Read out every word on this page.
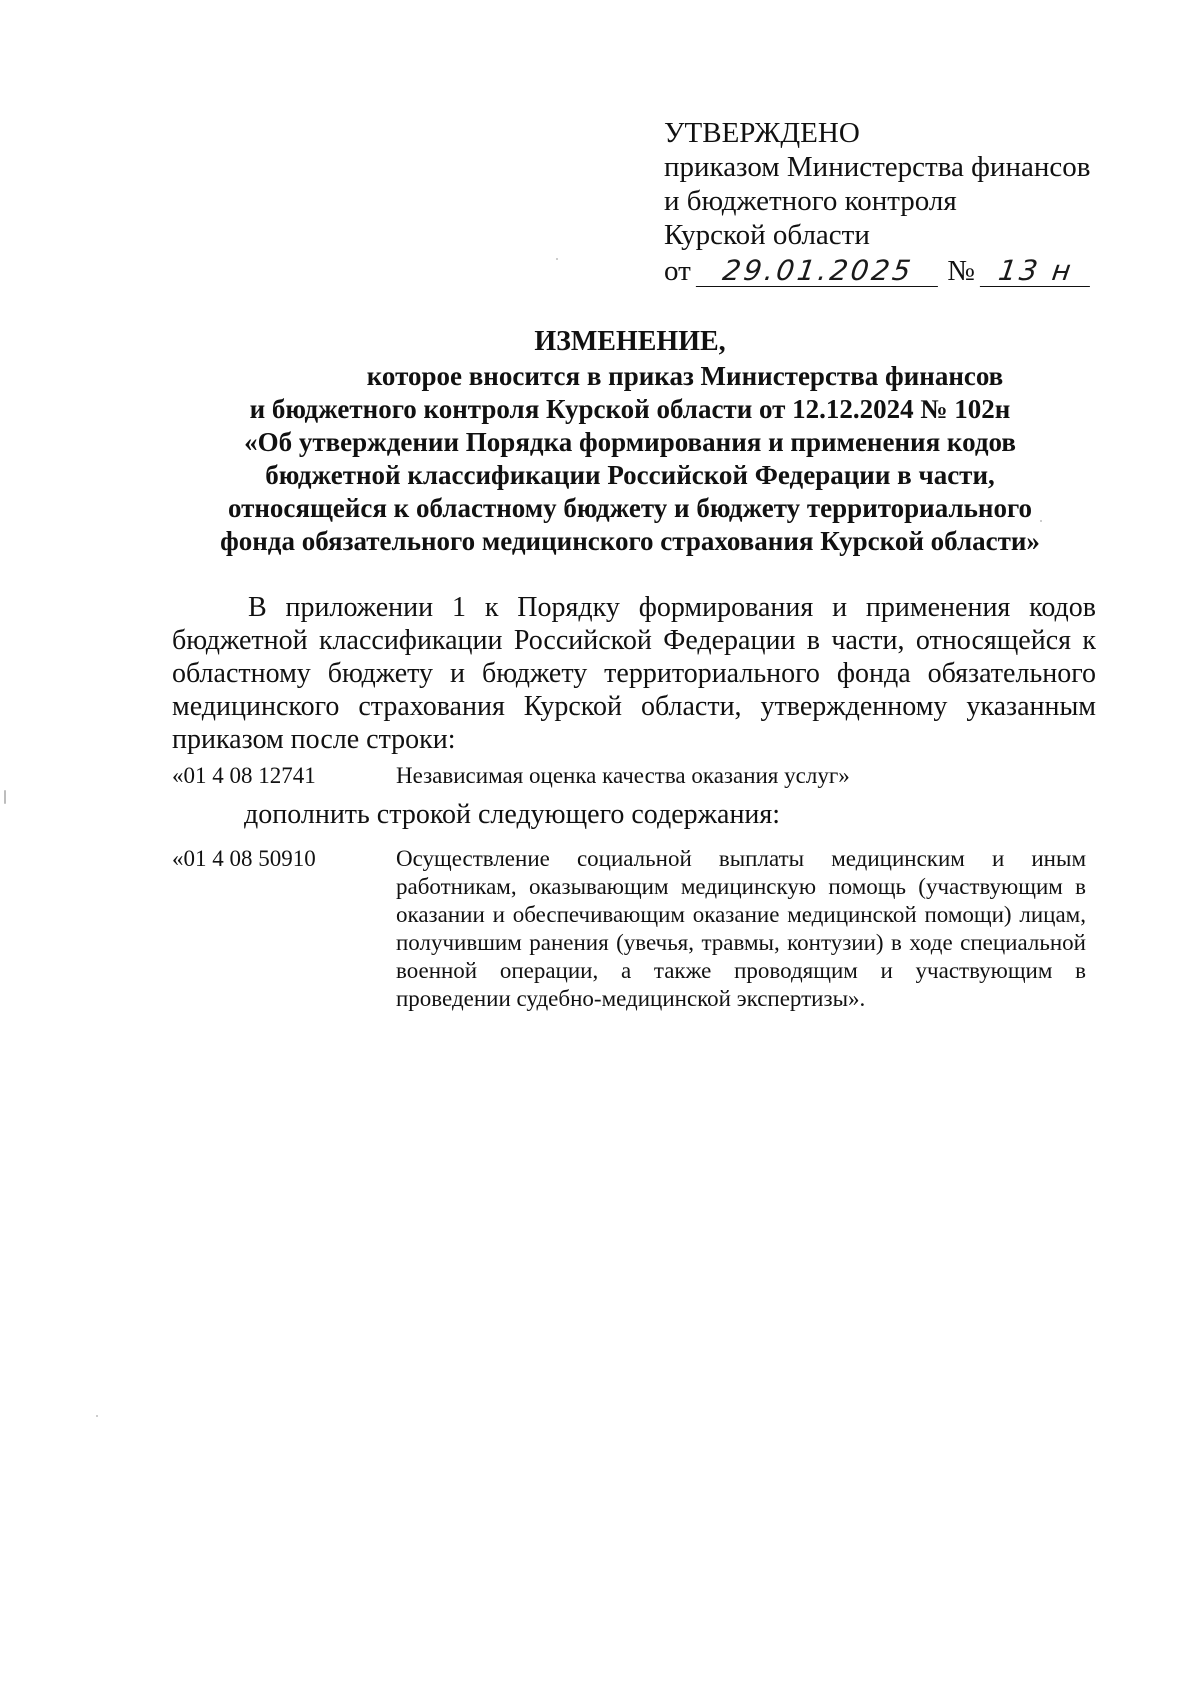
УТВЕРЖДЕНО
приказом Министерства финансов
и бюджетного контроля
Курской области
от 29.01.2025 № 13 н
ИЗМЕНЕНИЕ,
которое вносится в приказ Министерства финансов
и бюджетного контроля Курской области от 12.12.2024 № 102н
«Об утверждении Порядка формирования и применения кодов
бюджетной классификации Российской Федерации в части,
относящейся к областному бюджету и бюджету территориального
фонда обязательного медицинского страхования Курской области»
В приложении 1 к Порядку формирования и применения кодов бюджетной классификации Российской Федерации в части, относящейся к областному бюджету и бюджету территориального фонда обязательного медицинского страхования Курской области, утвержденному указанным приказом после строки:
«01 4 08 12741	Независимая оценка качества оказания услуг»
дополнить строкой следующего содержания:
«01 4 08 50910	Осуществление социальной выплаты медицинским и иным работникам, оказывающим медицинскую помощь (участвующим в оказании и обеспечивающим оказание медицинской помощи) лицам, получившим ранения (увечья, травмы, контузии) в ходе специальной военной операции, а также проводящим и участвующим в проведении судебно-медицинской экспертизы».
